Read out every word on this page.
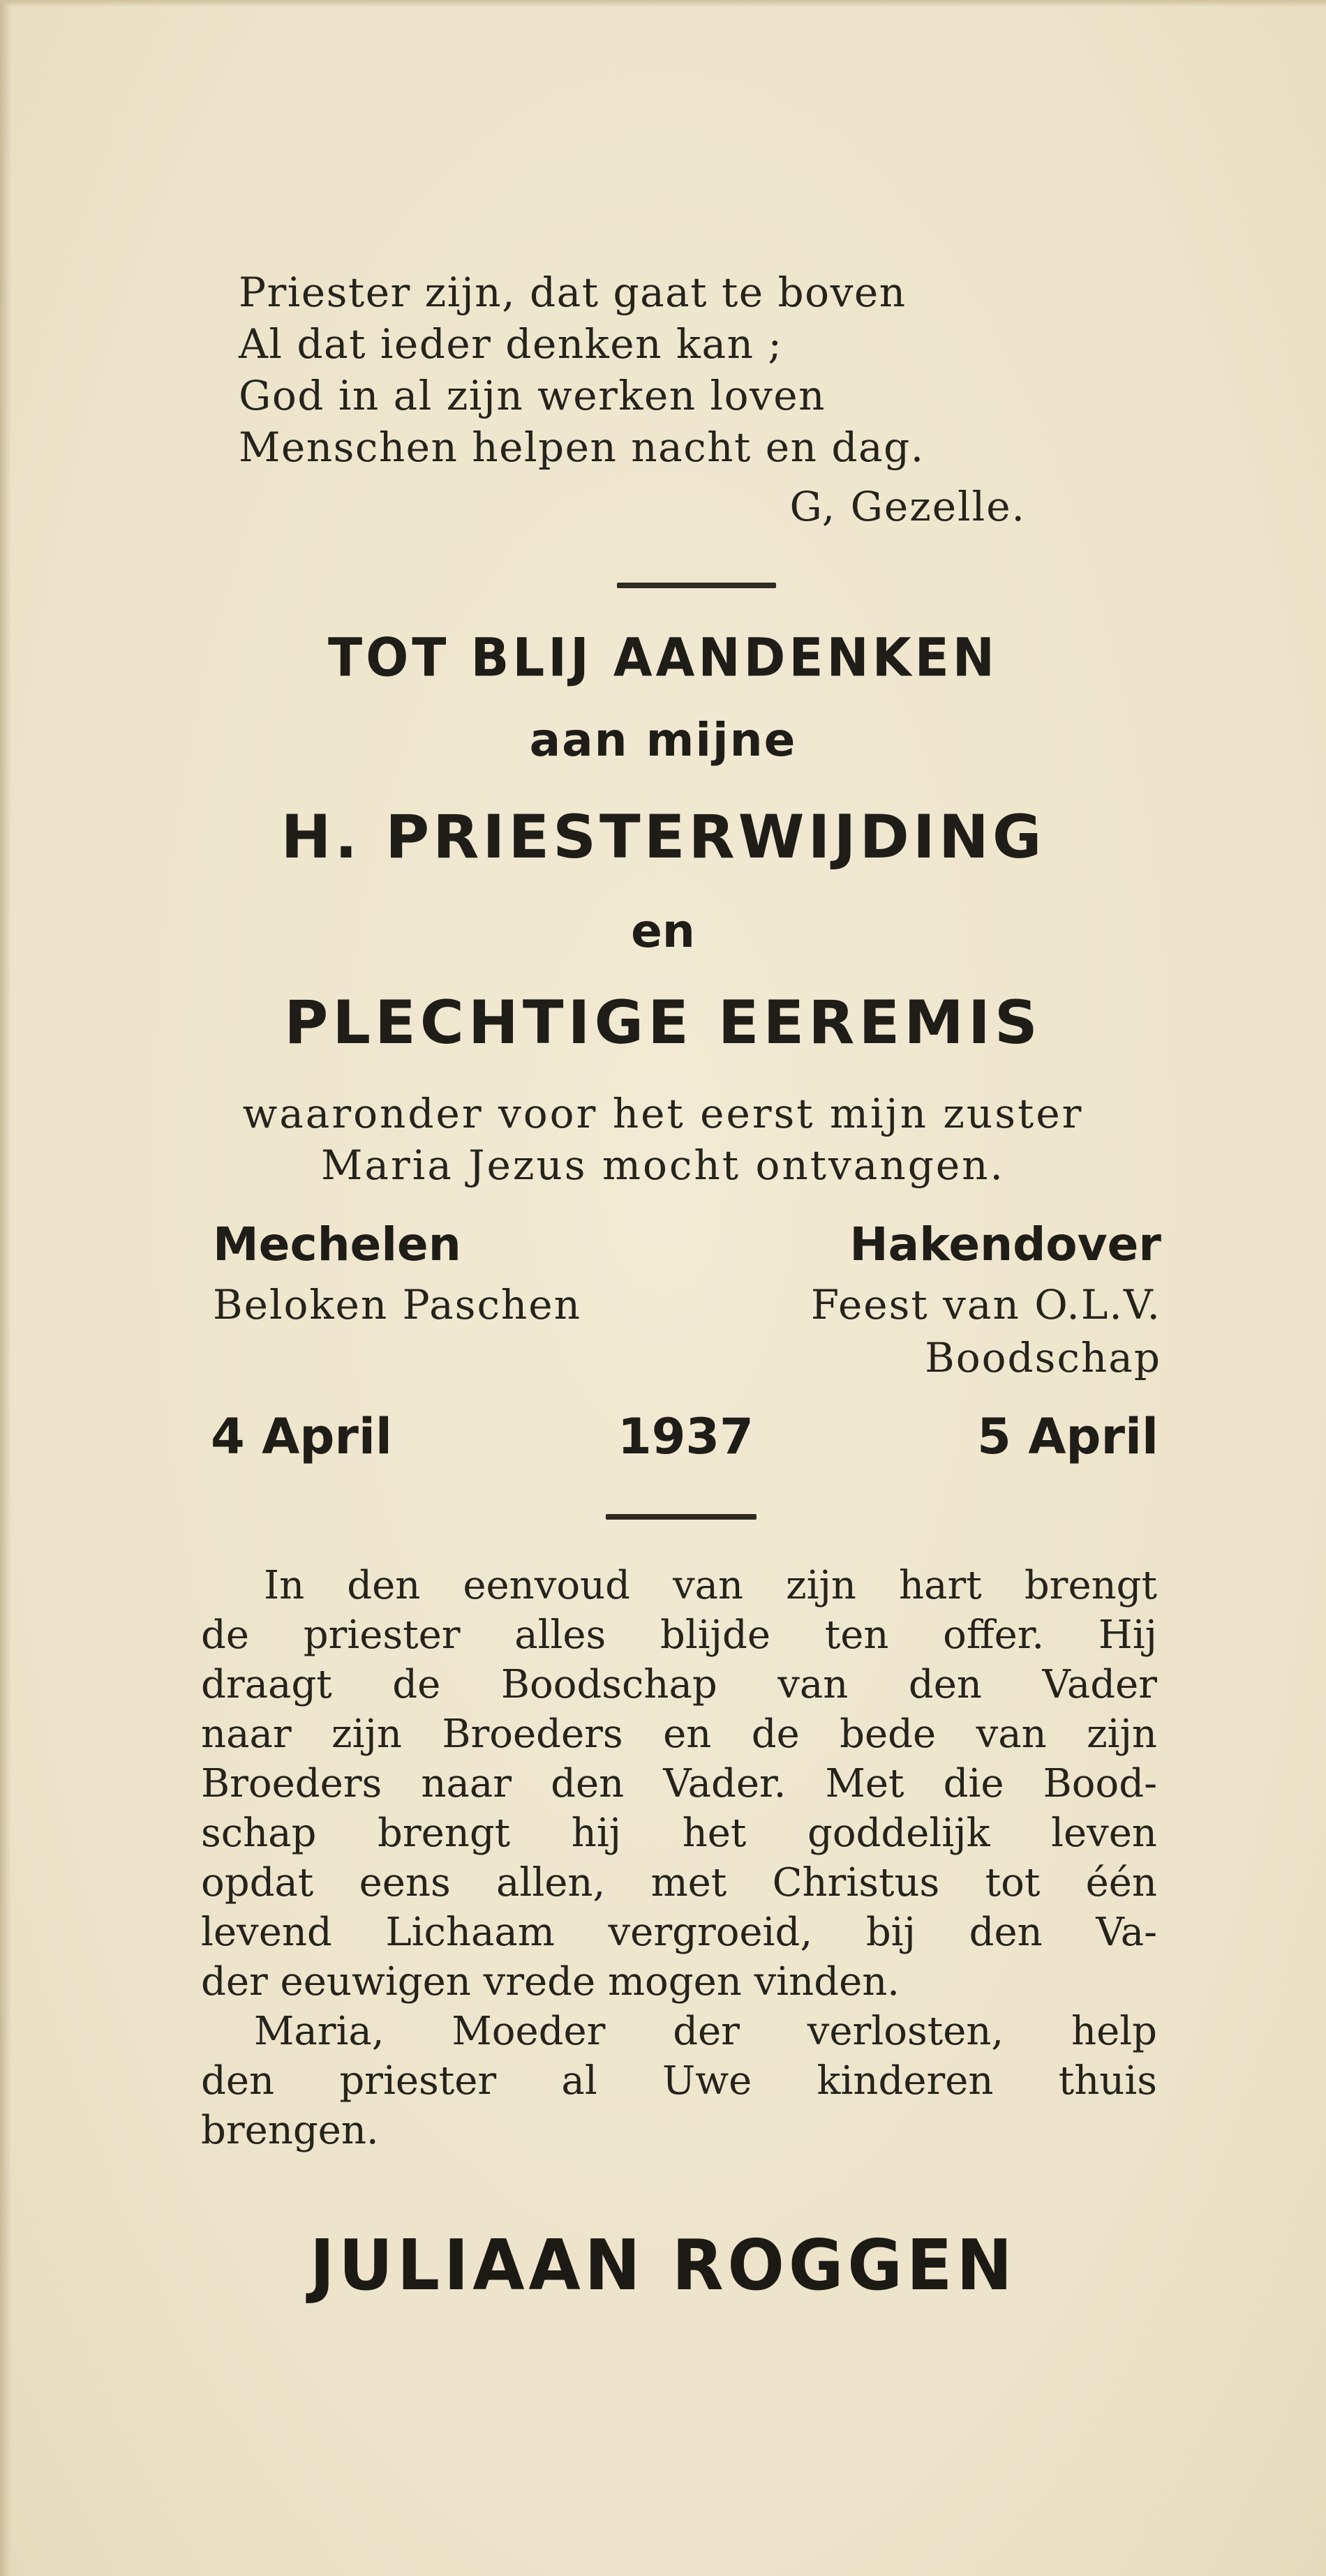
Priester zijn, dat gaat te boven
Al dat ieder denken kan ;
God in al zijn werken loven
Menschen helpen nacht en dag.
G, Gezelle.
TOT BLIJ AANDENKEN
aan mijne
H. PRIESTERWIJDING
en
PLECHTIGE EEREMIS
waaronder voor het eerst mijn zuster
Maria Jezus mocht ontvangen.
Mechelen	Hakendover
Beloken Paschen	Feest van O.L.V.
Boodschap
4 April	1937	5 April
In den eenvoud van zijn hart brengt
de priester alles blijde ten offer. Hij
draagt de Boodschap van den Vader
naar zijn Broeders en de bede van zijn
Broeders naar den Vader. Met die Bood-
schap brengt hij het goddelijk leven
opdat eens allen, met Christus tot één
levend Lichaam vergroeid, bij den Va-
der eeuwigen vrede mogen vinden.
Maria, Moeder der verlosten, help
den priester al Uwe kinderen thuis
brengen.
JULIAAN ROGGEN
